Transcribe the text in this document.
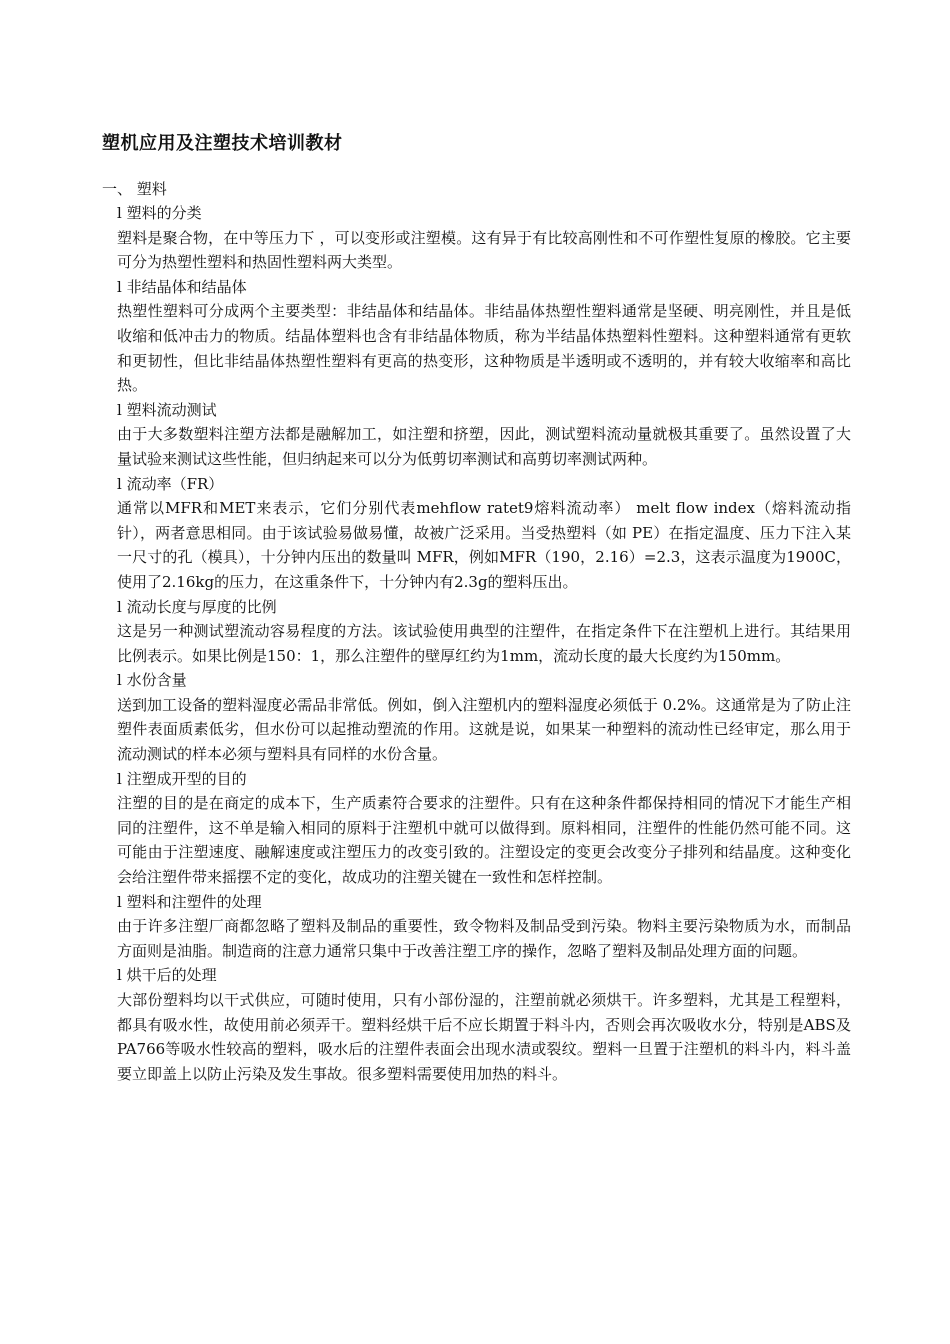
塑机应用及注塑技术培训教材
一、 塑料
l 塑料的分类

塑料是聚合物，在中等压力下 ，可以变形或注塑模。这有异于有比较高刚性和不可作塑性复原的橡胶。它主要可分为热塑性塑料和热固性塑料两大类型。

l 非结晶体和结晶体

热塑性塑料可分成两个主要类型：非结晶体和结晶体。非结晶体热塑性塑料通常是坚硬、明亮刚性，并且是低收缩和低冲击力的物质。结晶体塑料也含有非结晶体物质，称为半结晶体热塑料性塑料。这种塑料通常有更软和更韧性，但比非结晶体热塑性塑料有更高的热变形，这种物质是半透明或不透明的，并有较大收缩率和高比热。

l 塑料流动测试

由于大多数塑料注塑方法都是融解加工，如注塑和挤塑，因此，测试塑料流动量就极其重要了。虽然设置了大量试验来测试这些性能，但归纳起来可以分为低剪切率测试和高剪切率测试两种。

l 流动率（FR）

通常以MFR和MET来表示，它们分别代表mehflow ratet9熔料流动率） melt flow index（熔料流动指针），两者意思相同。由于该试验易做易懂，故被广泛采用。当受热塑料（如 PE）在指定温度、压力下注入某一尺寸的孔（模具），十分钟内压出的数量叫 MFR，例如MFR（190，2.16）=2.3，这表示温度为1900C，使用了2.16kg的压力，在这重条件下，十分钟内有2.3g的塑料压出。

l 流动长度与厚度的比例

这是另一种测试塑流动容易程度的方法。该试验使用典型的注塑件，在指定条件下在注塑机上进行。其结果用比例表示。如果比例是150：1，那么注塑件的壁厚红约为1mm，流动长度的最大长度约为150mm。

l 水份含量

送到加工设备的塑料湿度必需品非常低。例如，倒入注塑机内的塑料湿度必须低于 0.2%。这通常是为了防止注塑件表面质素低劣，但水份可以起推动塑流的作用。这就是说，如果某一种塑料的流动性已经审定，那么用于流动测试的样本必须与塑料具有同样的水份含量。

l 注塑成开型的目的

注塑的目的是在商定的成本下，生产质素符合要求的注塑件。只有在这种条件都保持相同的情况下才能生产相同的注塑件，这不单是输入相同的原料于注塑机中就可以做得到。原料相同，注塑件的性能仍然可能不同。这可能由于注塑速度、融解速度或注塑压力的改变引致的。注塑设定的变更会改变分子排列和结晶度。这种变化会给注塑件带来摇摆不定的变化，故成功的注塑关键在一致性和怎样控制。

l 塑料和注塑件的处理

由于许多注塑厂商都忽略了塑料及制品的重要性，致令物料及制品受到污染。物料主要污染物质为水，而制品方面则是油脂。制造商的注意力通常只集中于改善注塑工序的操作，忽略了塑料及制品处理方面的问题。

l 烘干后的处理

大部份塑料均以干式供应，可随时使用，只有小部份湿的，注塑前就必须烘干。许多塑料，尤其是工程塑料，都具有吸水性，故使用前必须弄干。塑料经烘干后不应长期置于料斗内，否则会再次吸收水分，特别是ABS及PA766等吸水性较高的塑料，吸水后的注塑件表面会出现水渍或裂纹。塑料一旦置于注塑机的料斗内，料斗盖要立即盖上以防止污染及发生事故。很多塑料需要使用加热的料斗。
